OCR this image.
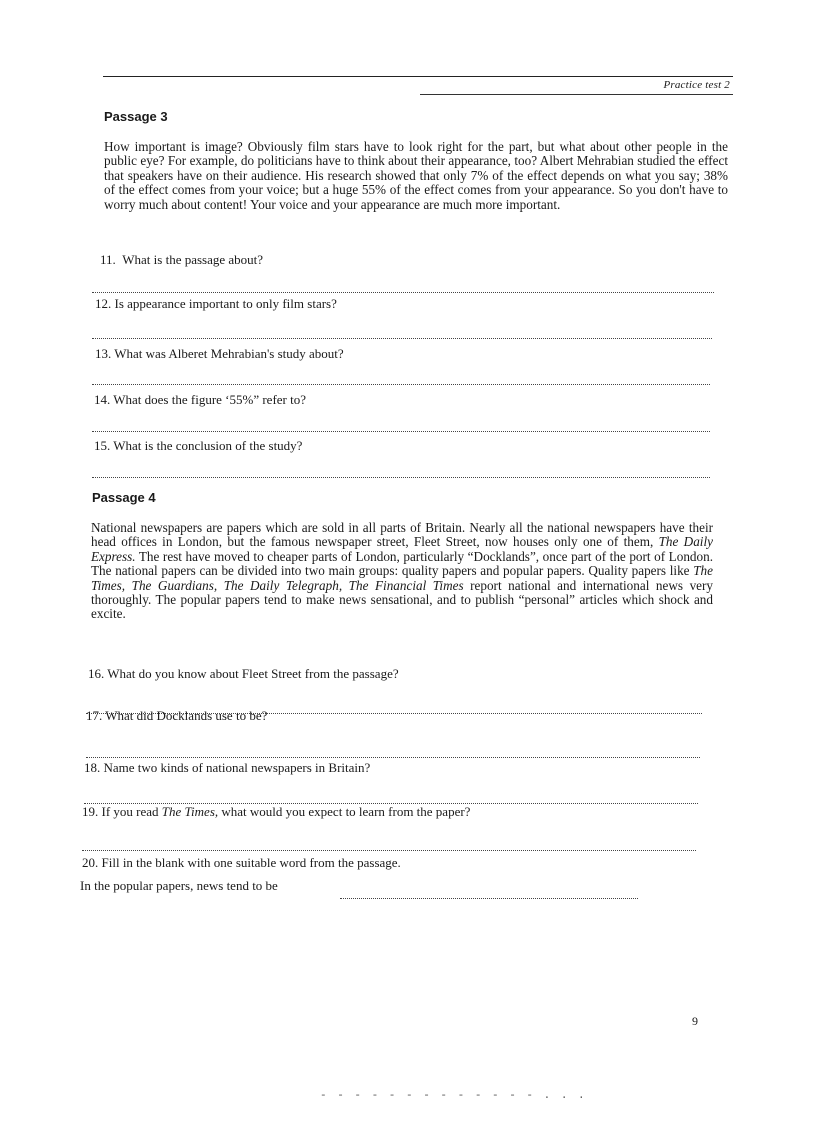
Practice test 2
Passage 3

How important is image? Obviously film stars have to look right for the part, but what about other people in the public eye? For example, do politicians have to think about their appearance, too? Albert Mehrabian studied the effect that speakers have on their audience. His research showed that only 7% of the effect depends on what you say; 38% of the effect comes from your voice; but a huge 55% of the effect comes from your appearance. So you don't have to worry much about content! Your voice and your appearance are much more important.

11. What is the passage about?
12. Is appearance important to only film stars?
13. What was Alberet Mehrabian's study about?
14. What does the figure ‘55%” refer to?
15. What is the conclusion of the study?
Passage 4

National newspapers are papers which are sold in all parts of Britain. Nearly all the national newspapers have their head offices in London, but the famous newspaper street, Fleet Street, now houses only one of them, The Daily Express. The rest have moved to cheaper parts of London, particularly “Docklands”, once part of the port of London. The national papers can be divided into two main groups: quality papers and popular papers. Quality papers like The Times, The Guardians, The Daily Telegraph, The Financial Times report national and international news very thoroughly. The popular papers tend to make news sensational, and to publish “personal” articles which shock and excite.

16. What do you know about Fleet Street from the passage?
17. What did Docklands use to be?
18. Name two kinds of national newspapers in Britain?
19. If you read The Times, what would you expect to learn from the paper?
20. Fill in the blank with one suitable word from the passage.
In the popular papers, news tend to be
9
- - - - - - - - - - - - - . . .
